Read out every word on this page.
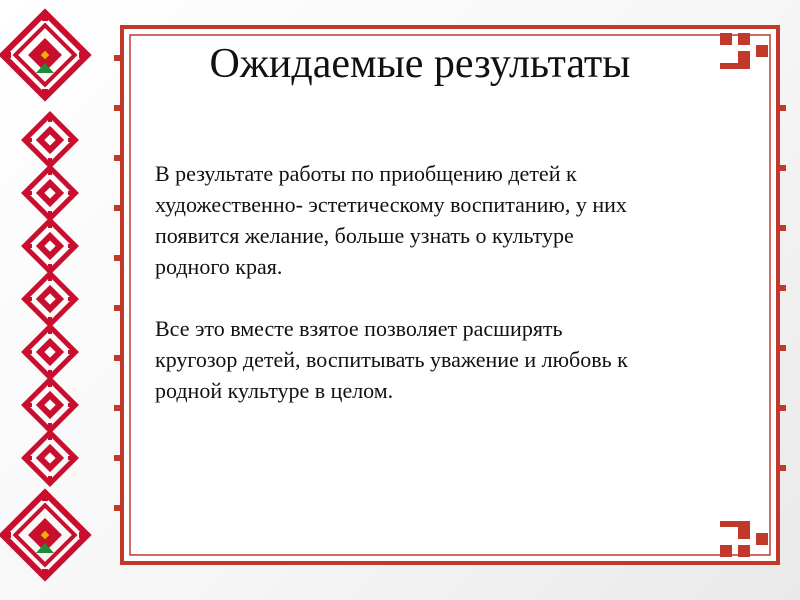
Ожидаемые результаты

В результате работы по приобщению детей к
художественно- эстетическому воспитанию, у них
появится желание, больше узнать о культуре
родного края.

Все это вместе взятое позволяет расширять
кругозор детей, воспитывать уважение и любовь к
родной культуре в целом.
